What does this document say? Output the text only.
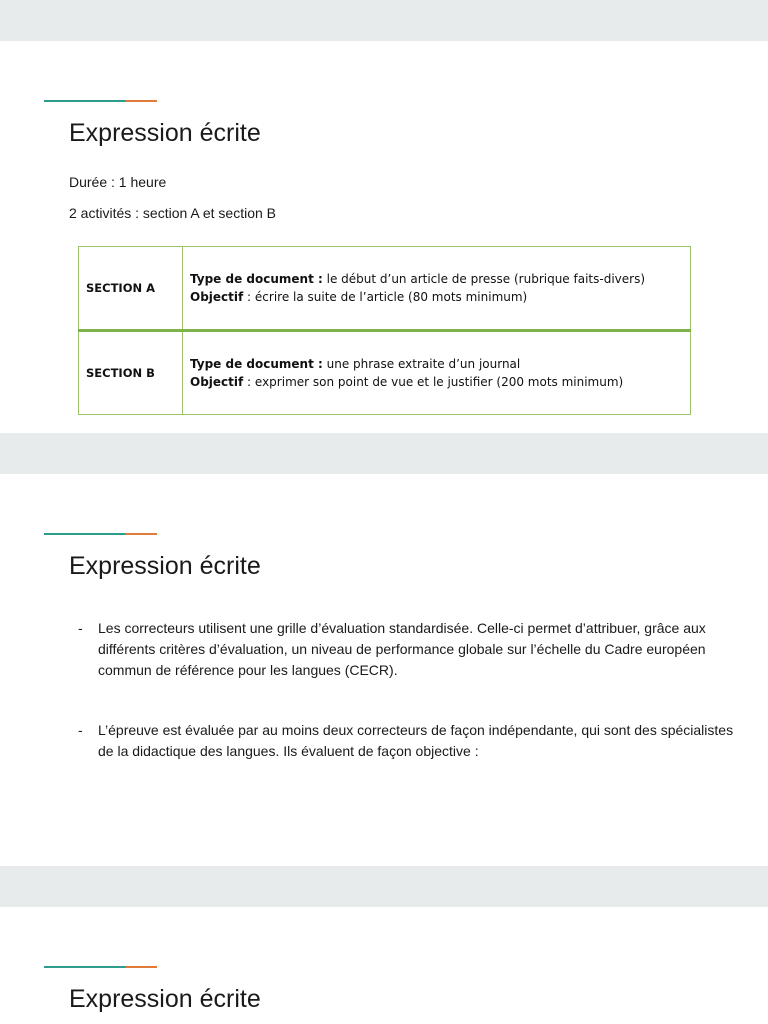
Expression écrite

Durée : 1 heure

2 activités : section A et section B

SECTION A	Type de document : le début d’un article de presse (rubrique faits-divers)
Objectif : écrire la suite de l’article (80 mots minimum)

SECTION B	Type de document : une phrase extraite d’un journal
Objectif : exprimer son point de vue et le justifier (200 mots minimum)
Expression écrite
- Les correcteurs utilisent une grille d’évaluation standardisée. Celle-ci permet d’attribuer, grâce aux différents critères d’évaluation, un niveau de performance globale sur l’échelle du Cadre européen commun de référence pour les langues (CECR).
- L’épreuve est évaluée par au moins deux correcteurs de façon indépendante, qui sont des spécialistes de la didactique des langues. Ils évaluent de façon objective :
Expression écrite
